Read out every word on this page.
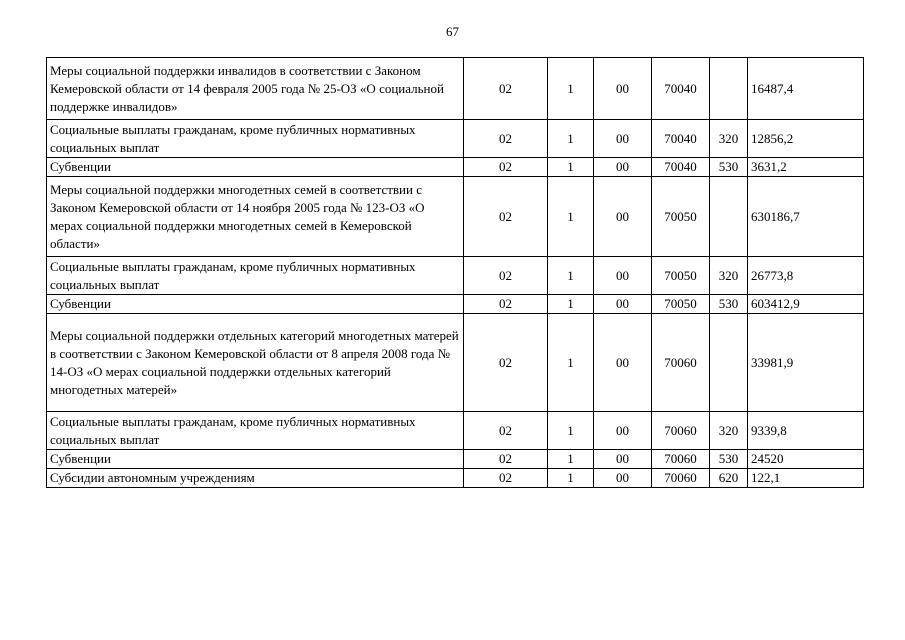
67
Меры социальной поддержки инвалидов в соответствии с Законом Кемеровской области от 14 февраля 2005 года № 25-ОЗ «О социальной поддержке инвалидов»	02	1	00	70040		16487,4
Социальные выплаты гражданам, кроме публичных нормативных социальных выплат	02	1	00	70040	320	12856,2
Субвенции	02	1	00	70040	530	3631,2
Меры социальной поддержки многодетных семей в соответствии с Законом Кемеровской области от 14 ноября 2005 года № 123-ОЗ «О мерах социальной поддержки многодетных семей в Кемеровской области»	02	1	00	70050		630186,7
Социальные выплаты гражданам, кроме публичных нормативных социальных выплат	02	1	00	70050	320	26773,8
Субвенции	02	1	00	70050	530	603412,9
Меры социальной поддержки отдельных категорий многодетных матерей в соответствии с Законом Кемеровской области от 8 апреля 2008 года № 14-ОЗ «О мерах социальной поддержки отдельных категорий многодетных матерей»	02	1	00	70060		33981,9
Социальные выплаты гражданам, кроме публичных нормативных социальных выплат	02	1	00	70060	320	9339,8
Субвенции	02	1	00	70060	530	24520
Субсидии автономным учреждениям	02	1	00	70060	620	122,1
